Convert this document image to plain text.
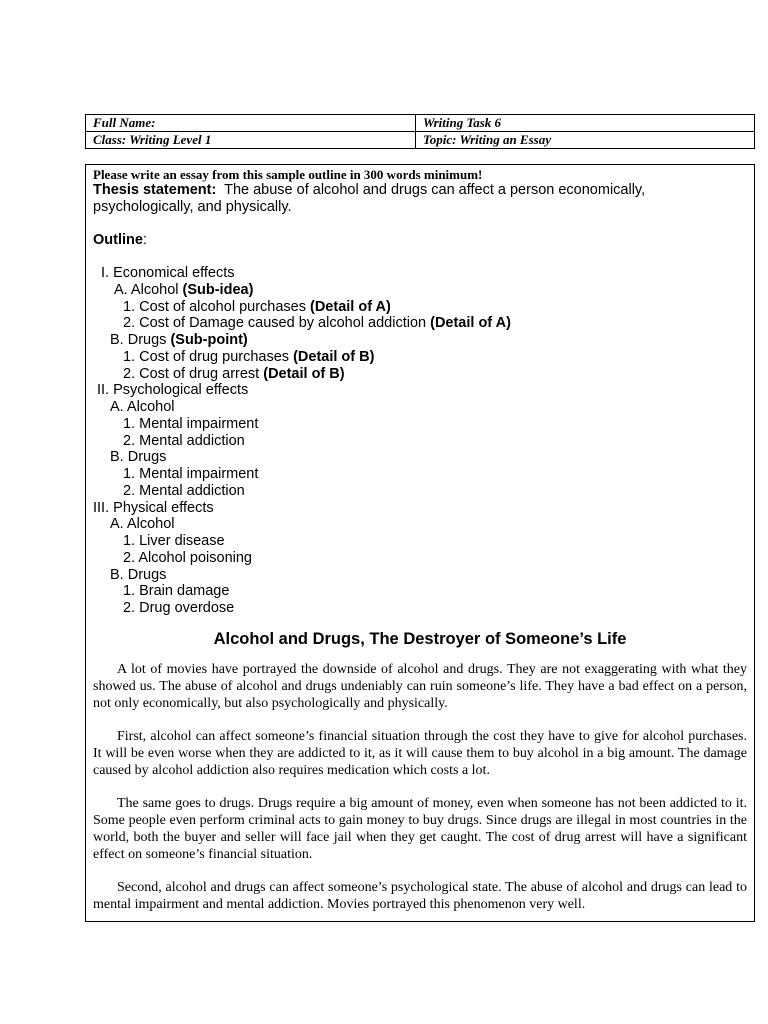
Full Name:	Writing Task 6
Class: Writing Level 1	Topic: Writing an Essay
Please write an essay from this sample outline in 300 words minimum!
Thesis statement: The abuse of alcohol and drugs can affect a person economically, psychologically, and physically.
Outline:
I. Economical effects
A. Alcohol (Sub-idea)
1. Cost of alcohol purchases (Detail of A)
2. Cost of Damage caused by alcohol addiction (Detail of A)
B. Drugs (Sub-point)
1. Cost of drug purchases (Detail of B)
2. Cost of drug arrest (Detail of B)
II. Psychological effects
A. Alcohol
1. Mental impairment
2. Mental addiction
B. Drugs
1. Mental impairment
2. Mental addiction
III. Physical effects
A. Alcohol
1. Liver disease
2. Alcohol poisoning
B. Drugs
1. Brain damage
2. Drug overdose
Alcohol and Drugs, The Destroyer of Someone’s Life

A lot of movies have portrayed the downside of alcohol and drugs. They are not exaggerating with what they showed us. The abuse of alcohol and drugs undeniably can ruin someone’s life. They have a bad effect on a person, not only economically, but also psychologically and physically.

First, alcohol can affect someone’s financial situation through the cost they have to give for alcohol purchases. It will be even worse when they are addicted to it, as it will cause them to buy alcohol in a big amount. The damage caused by alcohol addiction also requires medication which costs a lot.

The same goes to drugs. Drugs require a big amount of money, even when someone has not been addicted to it. Some people even perform criminal acts to gain money to buy drugs. Since drugs are illegal in most countries in the world, both the buyer and seller will face jail when they get caught. The cost of drug arrest will have a significant effect on someone’s financial situation.

Second, alcohol and drugs can affect someone’s psychological state. The abuse of alcohol and drugs can lead to mental impairment and mental addiction. Movies portrayed this phenomenon very well.
